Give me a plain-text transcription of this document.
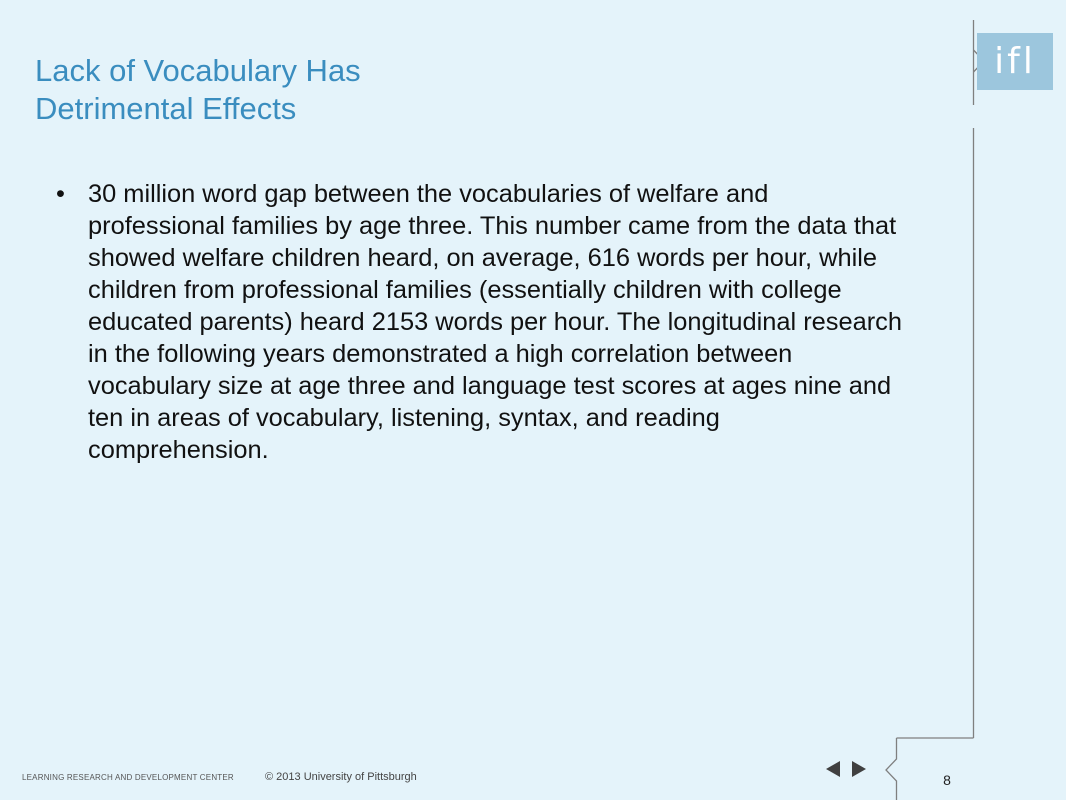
Lack of Vocabulary Has
Detrimental Effects
• 30 million word gap between the vocabularies of welfare and professional families by age three. This number came from the data that showed welfare children heard, on average, 616 words per hour, while children from professional families (essentially children with college educated parents) heard 2153 words per hour. The longitudinal research in the following years demonstrated a high correlation between vocabulary size at age three and language test scores at ages nine and ten in areas of vocabulary, listening, syntax, and reading comprehension.
ifl
LEARNING RESEARCH AND DEVELOPMENT CENTER	© 2013 University of Pittsburgh	8
